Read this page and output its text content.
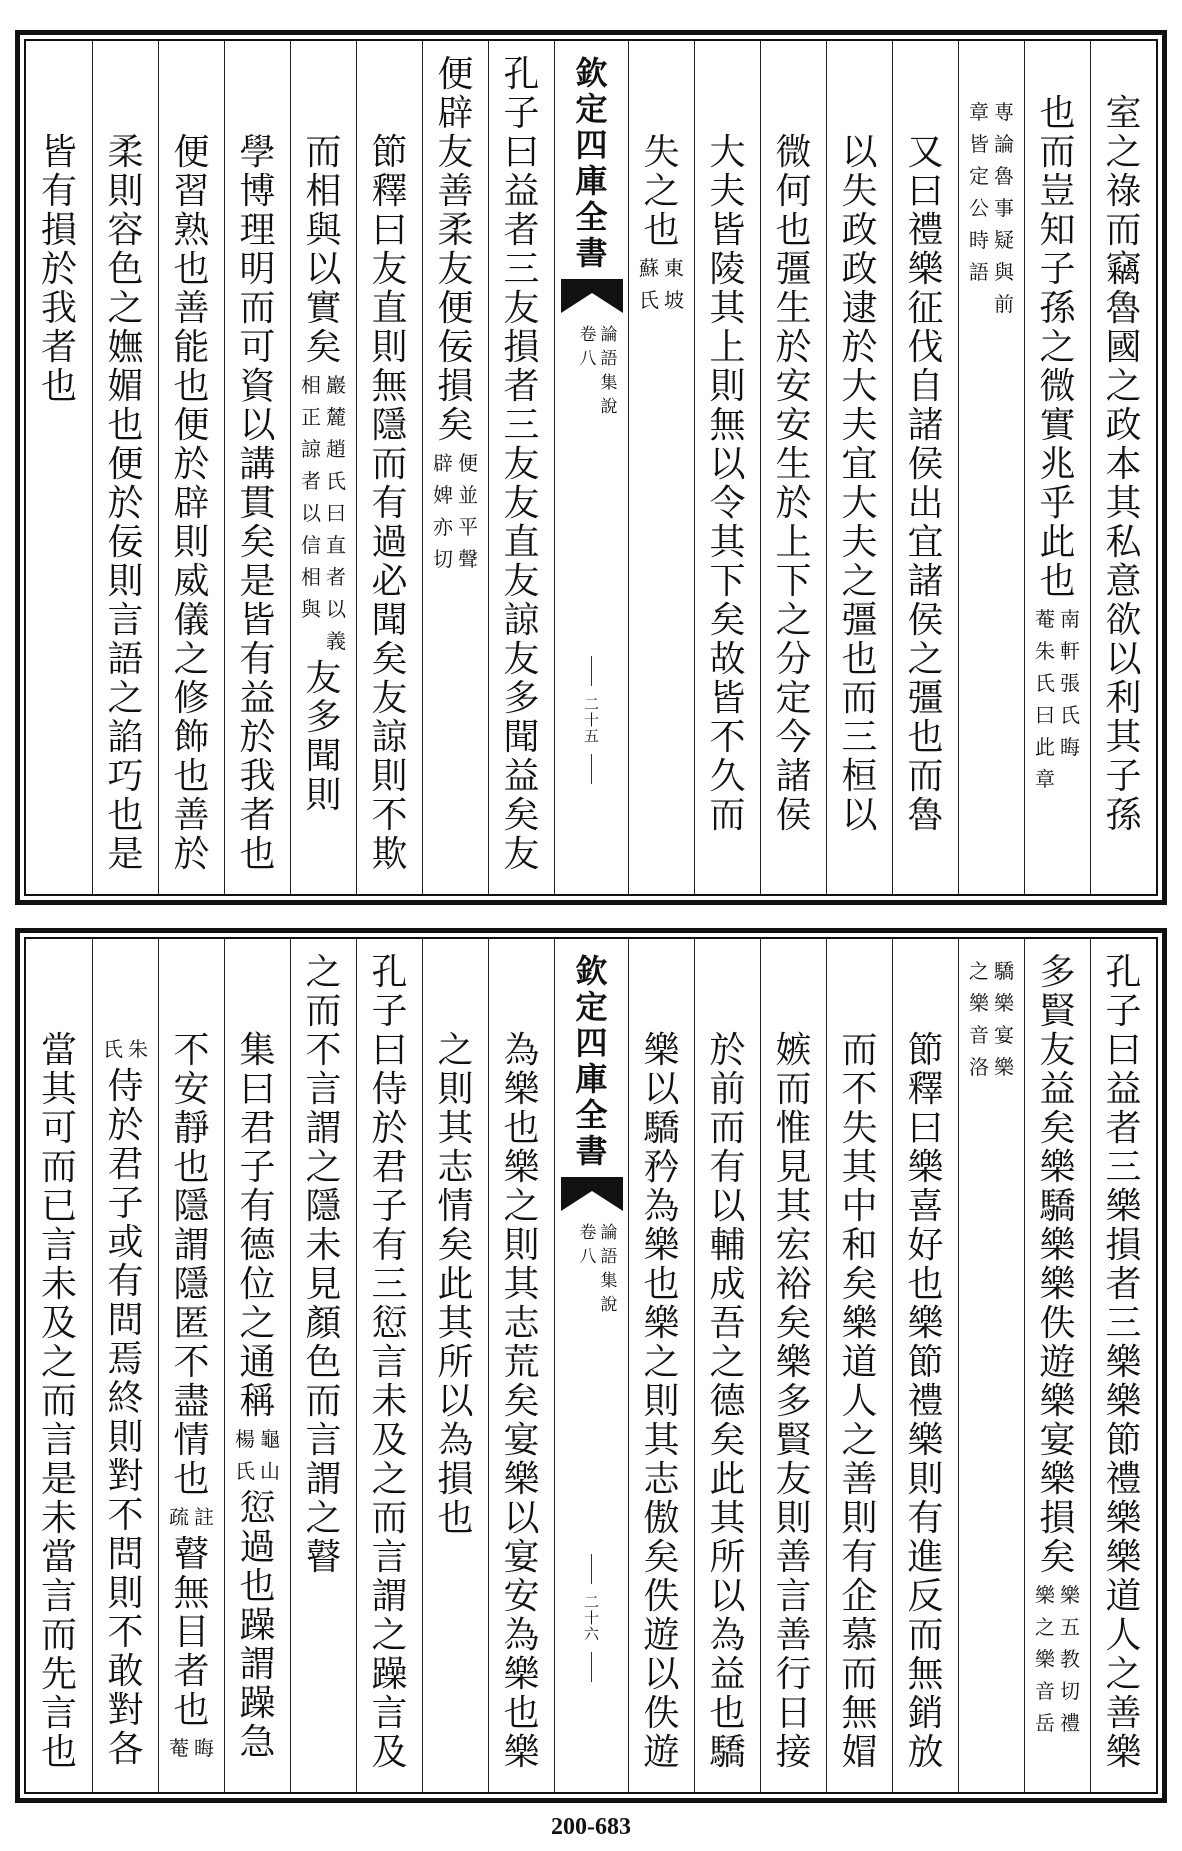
室之祿而竊魯國之政本其私意欲以利其子孫
也而豈知子孫之微實兆乎此也
南軒張氏晦
菴朱氏曰此章
専論魯事疑與前
章皆定公時語
又曰禮樂征伐自諸侯出宜諸侯之彊也而魯
以失政政逮於大夫宜大夫之彊也而三桓以
微何也彊生於安安生於上下之分定今諸侯
大夫皆陵其上則無以令其下矣故皆不久而
失之也
東坡
蘇氏
欽定四庫全書
論語集說
卷八
二十五
孔子曰益者三友損者三友友直友諒友多聞益矣友
便辟友善柔友便佞損矣
便並平聲
辟婢亦切
節釋曰友直則無隱而有過必聞矣友諒則不欺
而相與以實矣
巖麓趙氏曰直者以義
相正諒者以信相與
友多聞則
學博理明而可資以講貫矣是皆有益於我者也
便習熟也善能也便於辟則威儀之修飾也善於
柔則容色之嫵媚也便於佞則言語之諂巧也是
皆有損於我者也
孔子曰益者三樂損者三樂樂節禮樂樂道人之善樂
多賢友益矣樂驕樂樂佚遊樂宴樂損矣
樂五教切禮
樂之樂音岳
驕樂宴樂
之樂音洛
節釋曰樂喜好也樂節禮樂則有進反而無銷放
而不失其中和矣樂道人之善則有企慕而無媢
嫉而惟見其宏裕矣樂多賢友則善言善行日接
於前而有以輔成吾之德矣此其所以為益也驕
樂以驕矜為樂也樂之則其志傲矣佚遊以佚遊
欽定四庫全書
論語集說
卷八
二十六
為樂也樂之則其志荒矣宴樂以宴安為樂也樂
之則其志情矣此其所以為損也
孔子曰侍於君子有三愆言未及之而言謂之躁言及
之而不言謂之隱未見顏色而言謂之瞽
集曰君子有德位之通稱
龜山
楊氏
愆過也躁謂躁急
不安靜也隱謂隱匿不盡情也
註
疏
瞽無目者也
晦
菴
朱
氏
侍於君子或有問焉終則對不問則不敢對各
當其可而已言未及之而言是未當言而先言也
200-683
